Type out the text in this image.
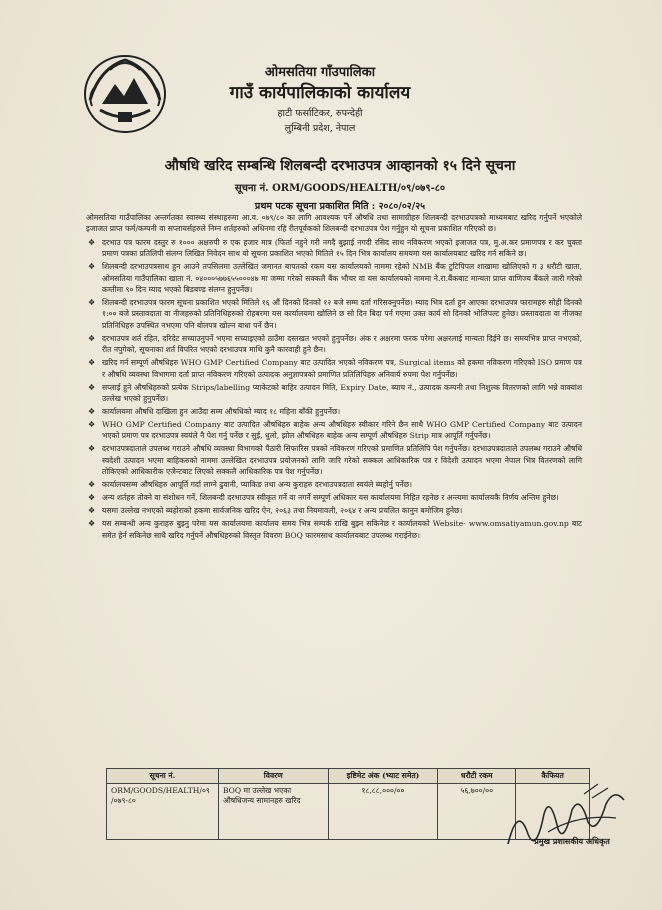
ओमसतिया गाँउपालिका
गाउँ कार्यपालिकाको कार्यालय
हाटी फर्साटिकर, रुपन्देही
लुम्बिनी प्रदेश, नेपाल
औषधि खरिद सम्बन्धि शिलबन्दी दरभाउपत्र आव्हानको १५ दिने सूचना
सूचना नं. ORM/GOODS/HEALTH/०९/०७९-८०
प्रथम पटक सूचना प्रकाशित मिति : २०८०/०२/२५

ओमसतिया गाउँपालिका अन्तर्गतका स्वास्थ्य संस्थाहरुमा आ.व. ०७९/८० का लागि आवश्यक पर्ने औषधि तथा सामाग्रीहरु शिलबन्दी दरभाउपत्रको माध्यमबाट खरिद गर्नुपर्ने भएकोले इजाजत प्राप्त फर्म/कम्पनी वा सप्लायर्सहरुले निम्न शर्तहरुको अधिनमा रहि रीतपूर्वकको शिलबन्दी दरभाउपत्र पेश गर्नुहुन यो सूचना प्रकाशित गरिएको छ।

❖ दरभाउ पत्र फारम दस्तुर रु १००० अक्षरुपी रु एक हजार मात्र (फिर्ता नहुने गरी नगदै बुझाई नगदी रसिद साथ नविकरण भएको इजाजत पत्र, मु.अ.कर प्रमाणपत्र र कर चुक्ता प्रमाण पत्रका प्रतिलिपी संलग्न लिखित निवेदन साथ यो सूचना प्रकाशित भएको मितिले १५ दिन भित्र कार्यालय समयमा यस कार्यालयबाट खरिद गर्न सकिने छ।
❖ शिलबन्दी दरभाउपत्रसाथ हुन आउने तपसिलमा उल्लेखित जमानत बापतको रकम यस कार्यालयको नाममा रहेको NMB बैंक टुटिपिपल शाखामा खोलिएको ग ३ धरौटी खाता, ओमसतिया गाउँपालिका खाता नं. ०४०००५७७६५५०००४७ मा जम्मा गरेको सक्कलै बैंक भौचर वा यस कार्यालयको नाममा ने.रा.बैंकबाट मान्यता प्राप्त वाणिज्य बैंकले जारी गरेको कम्तीमा ९० दिन म्याद भएको बिडबण्ड संलग्न हुनुपर्नेछ।
❖ शिलबन्दी दरभाउपत्र फारम सूचना प्रकाशित भएको मितिले १६ औं दिनको दिनको १२ बजे सम्म दर्ता गरिसक्नुपर्नेछ। म्याद भित्र दर्ता हुन आएका दरभाउपत्र फारामहरु सोही दिनको १:०० बजे प्रस्तावदाता वा नीजहरुको प्रतिनिधिहरुको रोहबरमा यस कार्यालयमा खोलिने छ सो दिन बिदा पर्न गएमा उक्त कार्य सो दिनको भोलिपल्ट हुनेछ। प्रस्तावदाता वा नीजका प्रतिनिधिहरु उपस्थित नभएमा पनि बोलपत्र खोल्न बाधा पर्ने छैन।
❖ दरभाउपत्र शर्त रहित, दरिदेट सच्याउनुपर्ने भएमा सच्याइएको ठाउँमा दस्तखत भएको हुनुपर्नेछ। अंक र अक्षरमा फरक परेमा अक्षरलाई मान्यता दिईने छ। समयभित्र प्राप्त नभएको, रीत नपुगेको, सूचनाका शर्त विपरित भएको दरभाउपत्र माथि कुनै कारवाही हुने छैन।
❖ खरिद गर्न सम्पूर्ण औषधिहरु WHO GMP Certified Company बाट उत्पादित भएको नविकरण पत्र, Surgical items को हकमा नविकरण गरिएको ISO प्रमाण पत्र र औषधि व्यवस्था विभागमा दर्ता प्राप्त नविकरण गरिएको उत्पादक अनुज्ञापत्रको प्रमाणित प्रतिलिपिहरु अनिवार्य रुपमा पेश गर्नुपर्नेछ।
❖ सप्लाई हुने औषधिहरुको प्रत्येक Strips/labelling प्याकेटको बाहिर उत्पादन मिति, Expiry Date, ब्याच नं., उत्पादक कम्पनी तथा निशुल्क वितरणको लागि भन्ने वाक्यांश उल्लेख भएको हुनुपर्नेछ।
❖ कार्यालयमा औषधि दाखिला हुन आउँदा सम्म औषधिको म्याद १८ महिना बाँकी हुनुपर्नेछ।
❖ WHO GMP Certified Company बाट उत्पादित औषधिहरु बाहेक अन्य औषधिहरु स्वीकार गरिने छैन साथै WHO GMP Certified Company बाट उत्पादन भएको प्रमाण पत्र दरभाउपत्र स्वयंले नै पेश गर्नु पर्नेछ र सुई, धुलो, झोल औषधिहरु बाहेक अन्य सम्पूर्ण औषधिहरु Strip मात्र आपूर्ति गर्नुपर्नेछ।
❖ दरभाउपत्रदाताले उपलब्ध गराउने औषधि व्यवस्था विभागको पैठारी सिफारिस पत्रको नविकरण गरिएको प्रमाणित प्रतिलिपि पेश गर्नुपर्नेछ। दरभाउपत्रदाताले उपलब्ध गराउने औषधि स्वदेशी उत्पादन भएमा बाहिकरुको नाममा उल्लेखित दरभाउपत्र प्रयोजनको लागि जारि गरेको सक्कल आधिकारिक पत्र र विदेशी उत्पादन भएमा नेपाल भित्र वितरणको लागि तोकिएको आधिकारीक एजेन्टबाट लिएको सक्कलै आधिकारिक पत्र पेश गर्नुपर्नेछ।
❖ कार्यालयसम्म औषधिहरु आपूर्ति गर्दा लाग्ने ढुवानी, प्याकिङ तथा अन्य कुराहरु दरभाउपत्रदाता स्वयंले ब्यहोर्नु पर्नेछ।
❖ अन्य शर्तहरु तोक्ने वा संशोधन गर्ने, शिलबन्दी दरभाउपत्र स्वीकृत गर्ने वा नगर्ने सम्पूर्ण अधिकार यस कार्यालयमा निहित रहनेछ र अन्त्यमा कार्यालयकै निर्णय अन्तिम हुनेछ।
❖ यसमा उल्लेख नभएको ब्यहोराको हकमा सार्वजनिक खरिद ऐन, २०६३ तथा नियमावली, २०६४ र अन्य प्रचलित कानुन बमोजिम हुनेछ।
❖ यस सम्बन्धी अन्य कुराहरु बुझ्नु परेमा यस कार्यालयमा कार्यालय समय भित्र सम्पर्क राखि बुझ्न सकिनेछ र कार्यालयको Website- www.omsatiyamun.gov.np बाट समेत हेर्न सकिनेछ साथै खरिद गर्नुपर्ने औषधिहरुको विस्तृत विवरण BOQ फारमसाथ कार्यालयबाट उपलब्ध गराईनेछ।
सूचना नं.	विवरण	इष्टिमेट अंक (भ्याट समेत)	धरौटी रकम	कैफियत
ORM/GOODS/HEALTH/०९ /०७९-८०	BOQ मा उल्लेख भएका औषधिजन्य सामानहरु खरिद	१८,८८,०००/००	५६,७००/००	
प्रमुख प्रशासकीय अधिकृत
